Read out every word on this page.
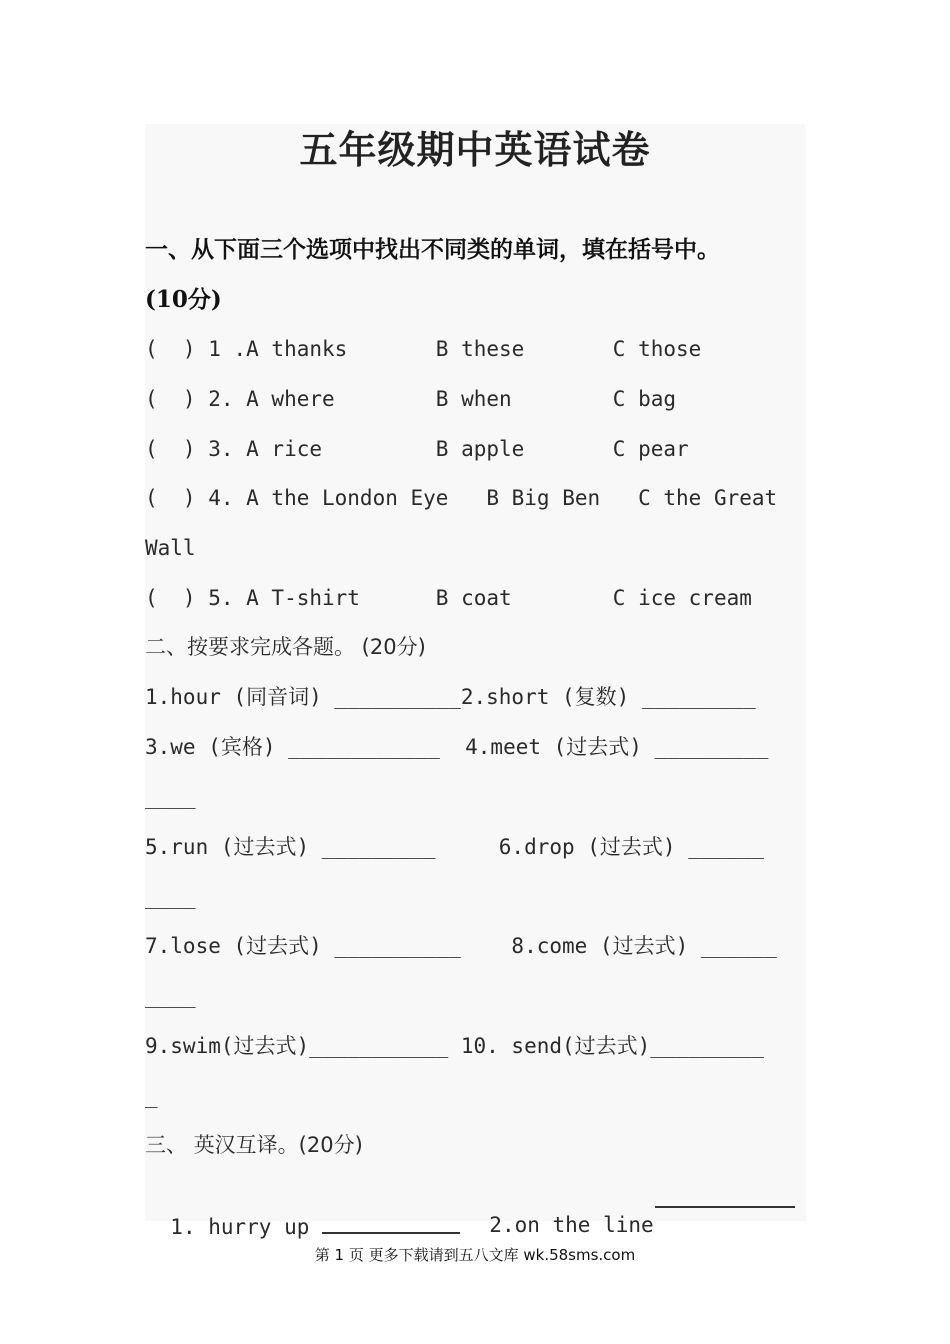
五年级期中英语试卷
一、从下面三个选项中找出不同类的单词，填在括号中。
(10分)
(  ) 1 .A thanks       B these       C those
(  ) 2. A where        B when        C bag
(  ) 3. A rice         B apple       C pear
(  ) 4. A the London Eye   B Big Ben   C the Great
Wall
(  ) 5. A T-shirt      B coat        C ice cream
二、按要求完成各题。 (20分)
1.hour (同音词) __________2.short (复数) _________
3.we (宾格) ____________  4.meet (过去式) _________
____
5.run (过去式) _________     6.drop (过去式) ______
____
7.lose (过去式) __________    8.come (过去式) ______
____
9.swim(过去式)___________ 10. send(过去式)_________
_
三、 英汉互译。(20分)

1. hurry up	2.on the line

第 1 页 更多下载请到五八文库 wk.58sms.com
